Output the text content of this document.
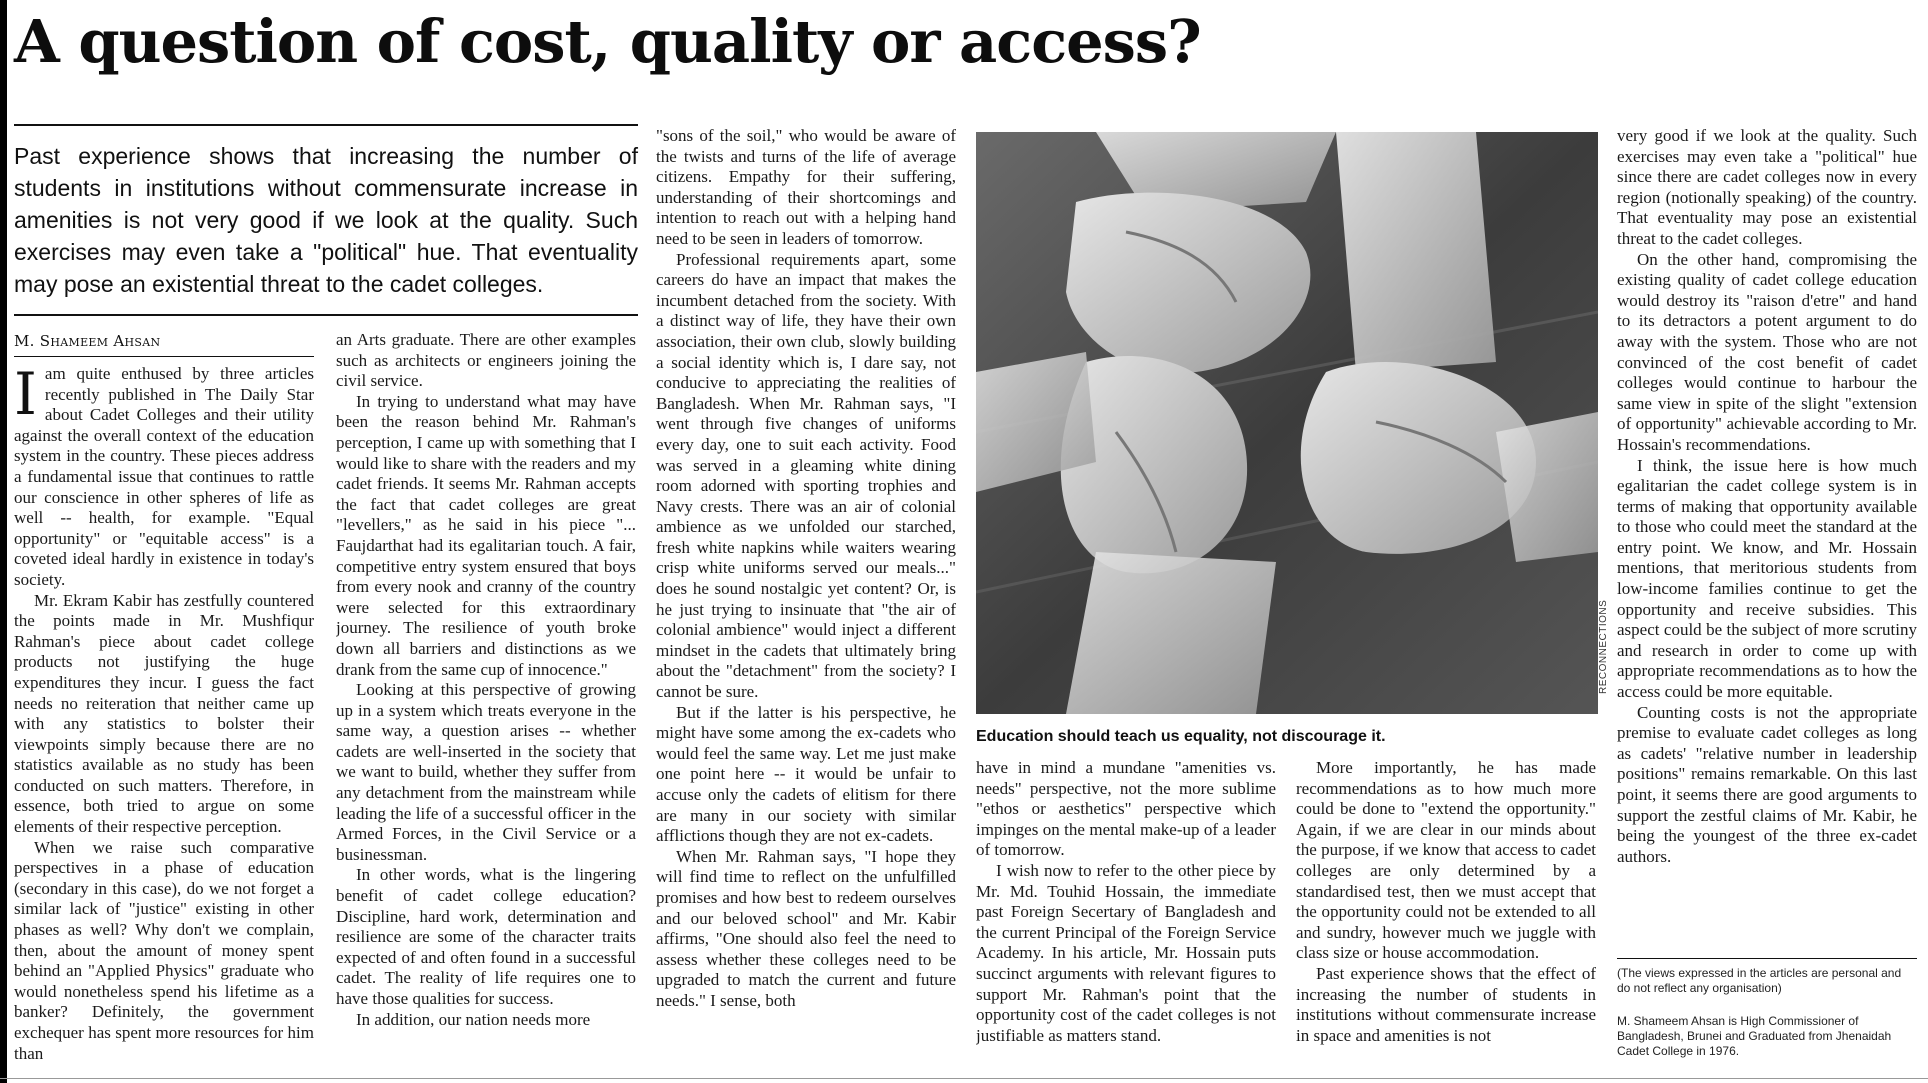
A question of cost, quality or access?
Past experience shows that increasing the number of students in institutions without commensurate increase in amenities is not very good if we look at the quality. Such exercises may even take a "political" hue. That eventuality may pose an existential threat to the cadet colleges.
M. Shameem Ahsan

Iam quite enthused by three articles recently published in The Daily Star about Cadet Colleges and their utility against the overall context of the education system in the country. These pieces address a fundamental issue that continues to rattle our conscience in other spheres of life as well -- health, for example. "Equal opportunity" or "equitable access" is a coveted ideal hardly in existence in today's society.

Mr. Ekram Kabir has zestfully countered the points made in Mr. Mushfiqur Rahman's piece about cadet college products not justifying the huge expenditures they incur. I guess the fact needs no reiteration that neither came up with any statistics to bolster their viewpoints simply because there are no statistics available as no study has been conducted on such matters. Therefore, in essence, both tried to argue on some elements of their respective perception.

When we raise such comparative perspectives in a phase of education (secondary in this case), do we not forget a similar lack of "justice" existing in other phases as well? Why don't we complain, then, about the amount of money spent behind an "Applied Physics" graduate who would nonetheless spend his lifetime as a banker? Definitely, the government exchequer has spent more resources for him than

an Arts graduate. There are other examples such as architects or engineers joining the civil service.

In trying to understand what may have been the reason behind Mr. Rahman's perception, I came up with something that I would like to share with the readers and my cadet friends. It seems Mr. Rahman accepts the fact that cadet colleges are great "levellers," as he said in his piece "... Faujdarthat had its egalitarian touch. A fair, competitive entry system ensured that boys from every nook and cranny of the country were selected for this extraordinary journey. The resilience of youth broke down all barriers and distinctions as we drank from the same cup of innocence."

Looking at this perspective of growing up in a system which treats everyone in the same way, a question arises -- whether cadets are well-inserted in the society that we want to build, whether they suffer from any detachment from the mainstream while leading the life of a successful officer in the Armed Forces, in the Civil Service or a businessman.

In other words, what is the lingering benefit of cadet college education? Discipline, hard work, determination and resilience are some of the character traits expected of and often found in a successful cadet. The reality of life requires one to have those qualities for success.

In addition, our nation needs more

"sons of the soil," who would be aware of the twists and turns of the life of average citizens. Empathy for their suffering, understanding of their shortcomings and intention to reach out with a helping hand need to be seen in leaders of tomorrow.

Professional requirements apart, some careers do have an impact that makes the incumbent detached from the society. With a distinct way of life, they have their own association, their own club, slowly building a social identity which is, I dare say, not conducive to appreciating the realities of Bangladesh. When Mr. Rahman says, "I went through five changes of uniforms every day, one to suit each activity. Food was served in a gleaming white dining room adorned with sporting trophies and Navy crests. There was an air of colonial ambience as we unfolded our starched, fresh white napkins while waiters wearing crisp white uniforms served our meals..." does he sound nostalgic yet content? Or, is he just trying to insinuate that "the air of colonial ambience" would inject a different mindset in the cadets that ultimately bring about the "detachment" from the society? I cannot be sure.

But if the latter is his perspective, he might have some among the ex-cadets who would feel the same way. Let me just make one point here -- it would be unfair to accuse only the cadets of elitism for there are many in our society with similar afflictions though they are not ex-cadets.

When Mr. Rahman says, "I hope they will find time to reflect on the unfulfilled promises and how best to redeem ourselves and our beloved school" and Mr. Kabir affirms, "One should also feel the need to assess whether these colleges need to be upgraded to match the current and future needs." I sense, both

RECONNECTIONS
Education should teach us equality, not discourage it.

have in mind a mundane "amenities vs. needs" perspective, not the more sublime "ethos or aesthetics" perspective which impinges on the mental make-up of a leader of tomorrow.

I wish now to refer to the other piece by Mr. Md. Touhid Hossain, the immediate past Foreign Secertary of Bangladesh and the current Principal of the Foreign Service Academy. In his article, Mr. Hossain puts succinct arguments with relevant figures to support Mr. Rahman's point that the opportunity cost of the cadet colleges is not justifiable as matters stand.

More importantly, he has made recommendations as to how much more could be done to "extend the opportunity." Again, if we are clear in our minds about the purpose, if we know that access to cadet colleges are only determined by a standardised test, then we must accept that the opportunity could not be extended to all and sundry, however much we juggle with class size or house accommodation.

Past experience shows that the effect of increasing the number of students in institutions without commensurate increase in space and amenities is not

very good if we look at the quality. Such exercises may even take a "political" hue since there are cadet colleges now in every region (notionally speaking) of the country. That eventuality may pose an existential threat to the cadet colleges.

On the other hand, compromising the existing quality of cadet college education would destroy its "raison d'etre" and hand to its detractors a potent argument to do away with the system. Those who are not convinced of the cost benefit of cadet colleges would continue to harbour the same view in spite of the slight "extension of opportunity" achievable according to Mr. Hossain's recommendations.

I think, the issue here is how much egalitarian the cadet college system is in terms of making that opportunity available to those who could meet the standard at the entry point. We know, and Mr. Hossain mentions, that meritorious students from low-income families continue to get the opportunity and receive subsidies. This aspect could be the subject of more scrutiny and research in order to come up with appropriate recommendations as to how the access could be more equitable.

Counting costs is not the appropriate premise to evaluate cadet colleges as long as cadets' "relative number in leadership positions" remains remarkable. On this last point, it seems there are good arguments to support the zestful claims of Mr. Kabir, he being the youngest of the three ex-cadet authors.

(The views expressed in the articles are personal and do not reflect any organisation)
M. Shameem Ahsan is High Commissioner of Bangladesh, Brunei and Graduated from Jhenaidah Cadet College in 1976.
